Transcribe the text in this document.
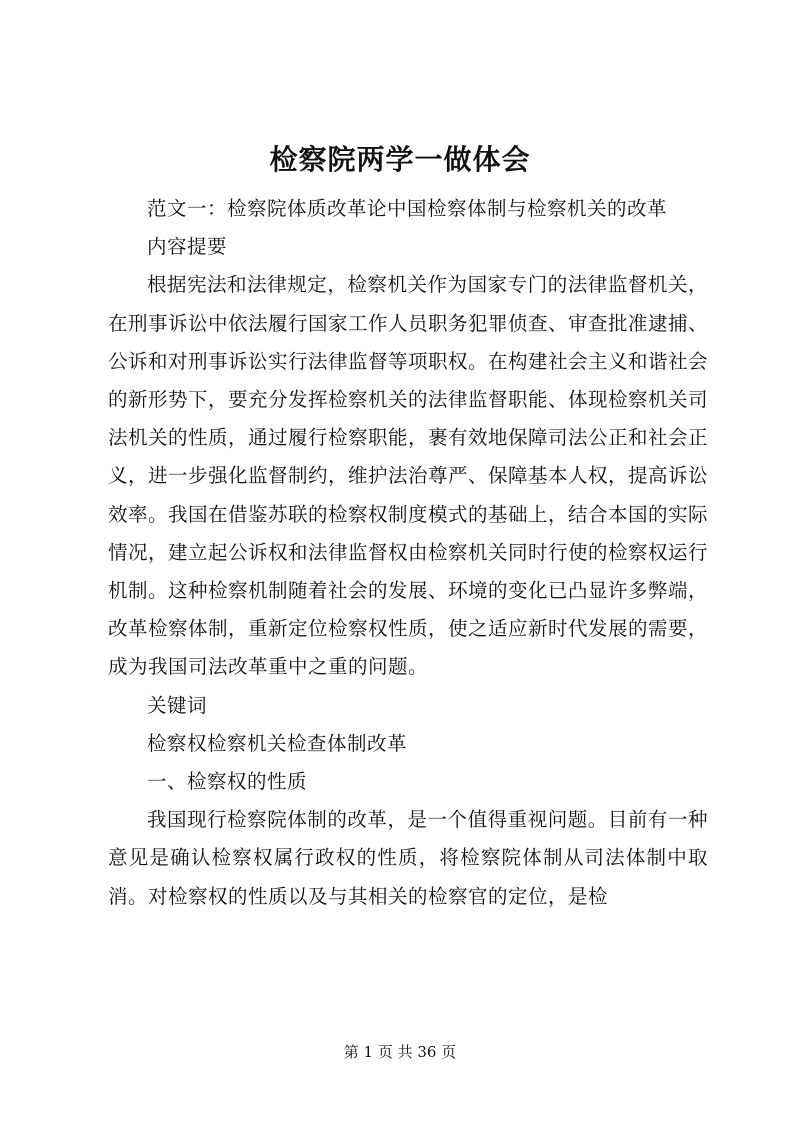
检察院两学一做体会

范文一：检察院体质改革论中国检察体制与检察机关的改革

内容提要

根据宪法和法律规定，检察机关作为国家专门的法律监督机关，在刑事诉讼中依法履行国家工作人员职务犯罪侦查、审查批准逮捕、公诉和对刑事诉讼实行法律监督等项职权。在构建社会主义和谐社会的新形势下，要充分发挥检察机关的法律监督职能、体现检察机关司法机关的性质，通过履行检察职能，裹有效地保障司法公正和社会正义，进一步强化监督制约，维护法治尊严、保障基本人权，提高诉讼效率。我国在借鉴苏联的检察权制度模式的基础上，结合本国的实际情况，建立起公诉权和法律监督权由检察机关同时行使的检察权运行机制。这种检察机制随着社会的发展、环境的变化已凸显许多弊端，改革检察体制，重新定位检察权性质，使之适应新时代发展的需要，成为我国司法改革重中之重的问题。

关键词

检察权检察机关检查体制改革

一、检察权的性质

我国现行检察院体制的改革，是一个值得重视问题。目前有一种意见是确认检察权属行政权的性质，将检察院体制从司法体制中取消。对检察权的性质以及与其相关的检察官的定位，是检

第 1 页 共 36 页
